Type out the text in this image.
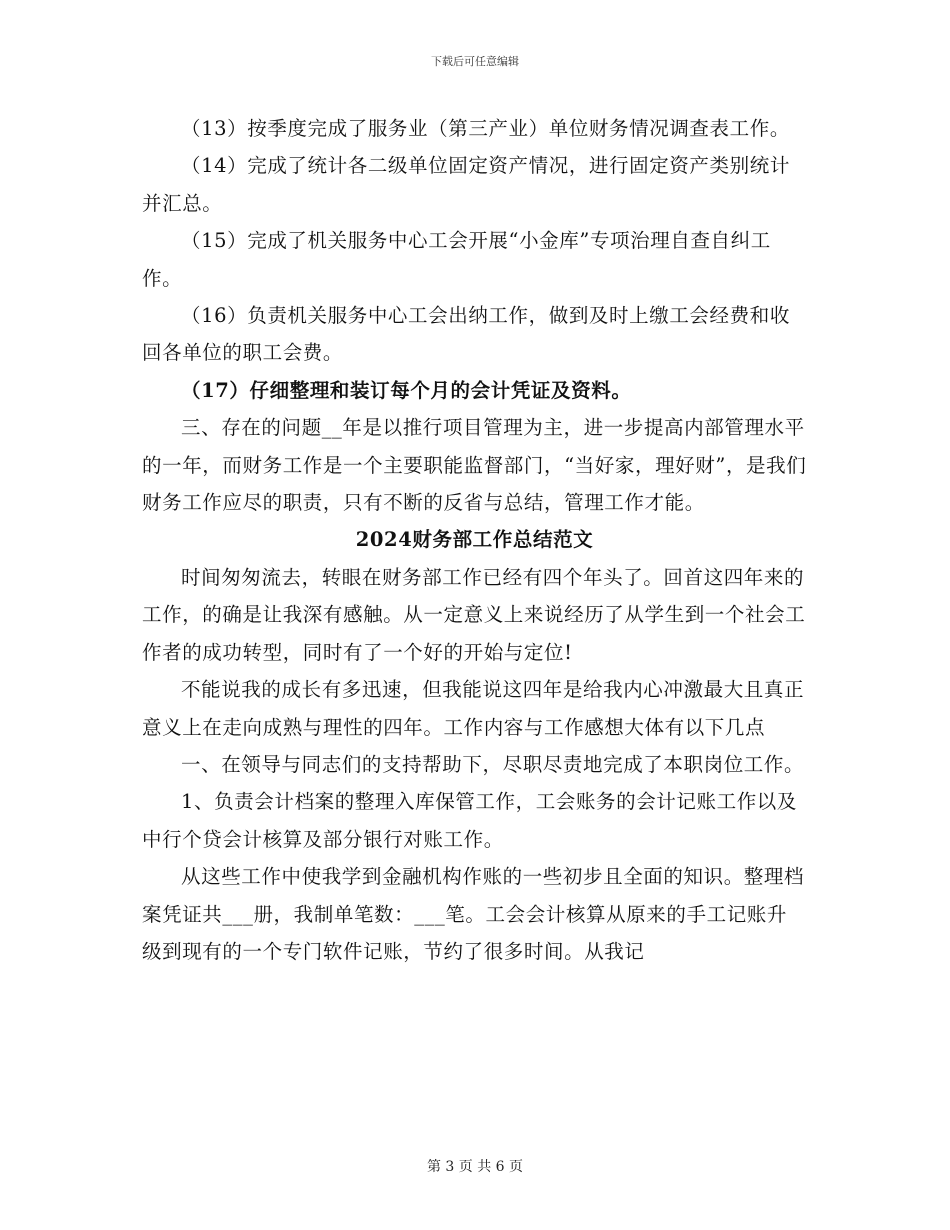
下载后可任意编辑

（13）按季度完成了服务业（第三产业）单位财务情况调查表工作。

（14）完成了统计各二级单位固定资产情况，进行固定资产类别统计并汇总。

（15）完成了机关服务中心工会开展“小金库”专项治理自查自纠工作。

（16）负责机关服务中心工会出纳工作，做到及时上缴工会经费和收回各单位的职工会费。

（17）仔细整理和装订每个月的会计凭证及资料。

三、存在的问题__年是以推行项目管理为主，进一步提高内部管理水平的一年，而财务工作是一个主要职能监督部门，“当好家，理好财”，是我们财务工作应尽的职责，只有不断的反省与总结，管理工作才能。

2024财务部工作总结范文

时间匆匆流去，转眼在财务部工作已经有四个年头了。回首这四年来的工作，的确是让我深有感触。从一定意义上来说经历了从学生到一个社会工作者的成功转型，同时有了一个好的开始与定位!

不能说我的成长有多迅速，但我能说这四年是给我内心冲激最大且真正意义上在走向成熟与理性的四年。工作内容与工作感想大体有以下几点

一、在领导与同志们的支持帮助下，尽职尽责地完成了本职岗位工作。

1、负责会计档案的整理入库保管工作，工会账务的会计记账工作以及中行个贷会计核算及部分银行对账工作。

从这些工作中使我学到金融机构作账的一些初步且全面的知识。整理档案凭证共___册，我制单笔数：___笔。工会会计核算从原来的手工记账升级到现有的一个专门软件记账，节约了很多时间。从我记

第 3 页 共 6 页
